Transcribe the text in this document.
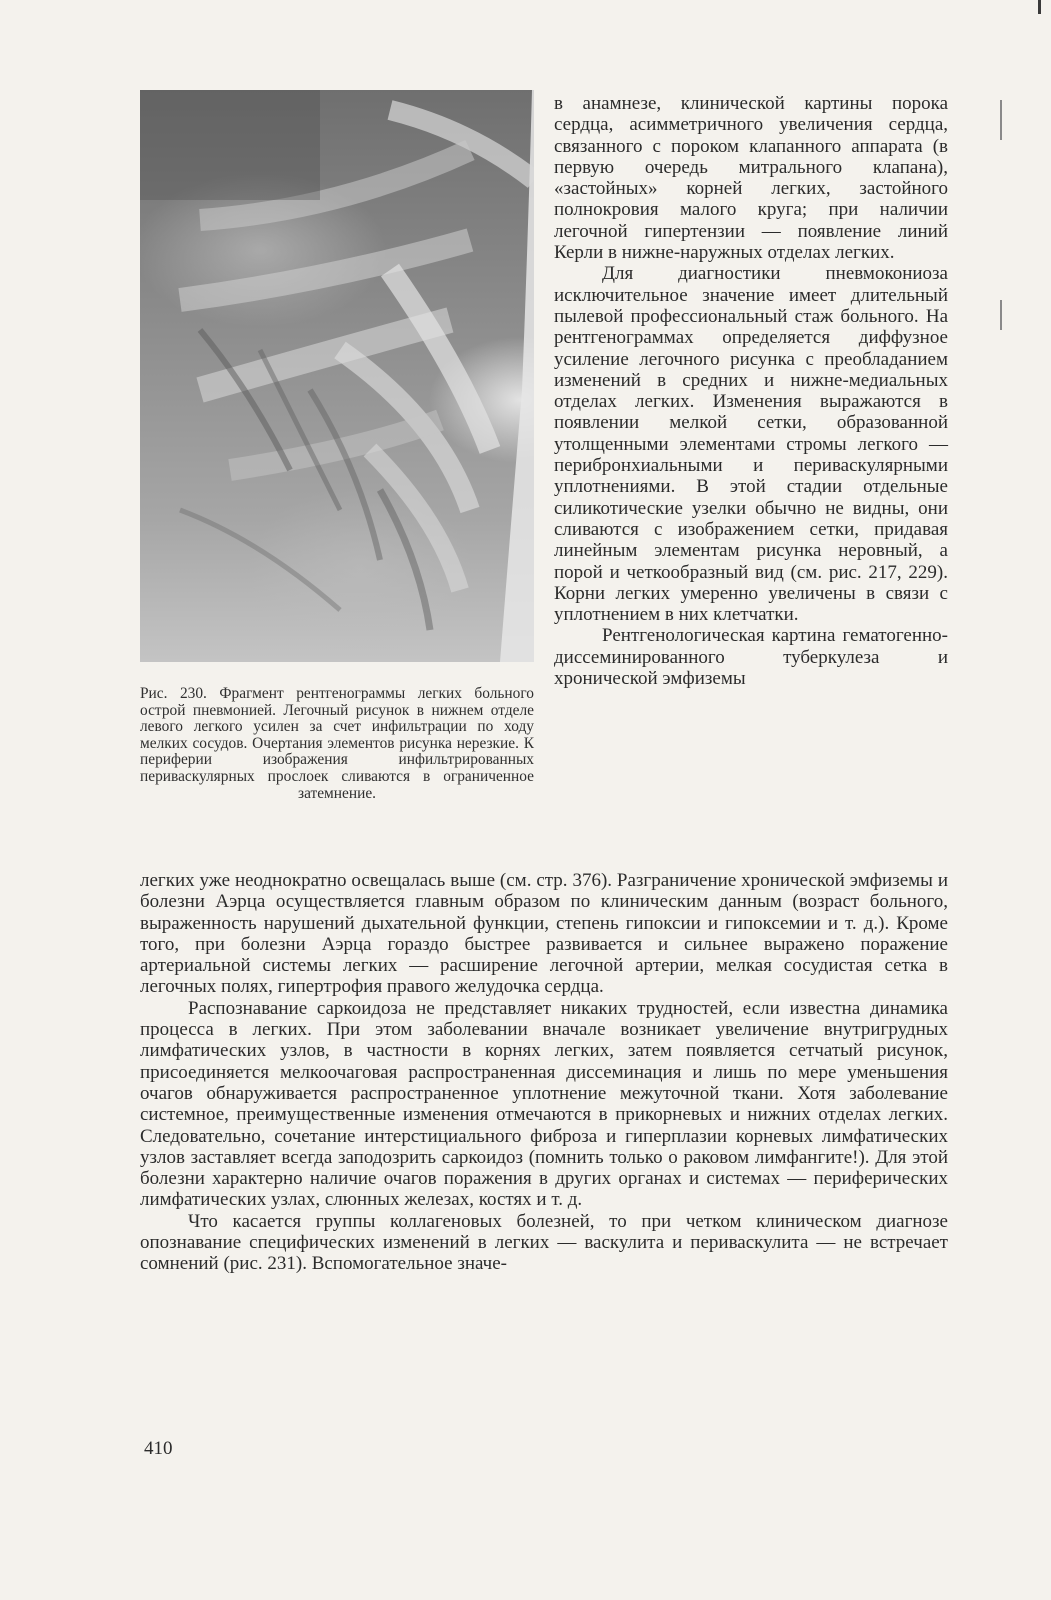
Рис. 230. Фрагмент рентгенограммы легких больного острой пневмонией. Легочный рисунок в нижнем отделе левого легкого усилен за счет инфильтрации по ходу мелких сосудов. Очертания элементов рисунка нерезкие. К периферии изображения инфильтрированных периваскулярных прослоек сливаются в ограниченное затемнение.

в анамнезе, клинической картины порока сердца, асимметричного увеличения сердца, связанного с пороком клапанного аппарата (в первую очередь митрального клапана), «застойных» корней легких, застойного полнокровия малого круга; при наличии легочной гипертензии — появление линий Керли в нижне-наружных отделах легких.

Для диагностики пневмокониоза исключительное значение имеет длительный пылевой профессиональный стаж больного. На рентгенограммах определяется диффузное усиление легочного рисунка с преобладанием изменений в средних и нижне-медиальных отделах легких. Изменения выражаются в появлении мелкой сетки, образованной утолщенными элементами стромы легкого — перибронхиальными и периваскулярными уплотнениями. В этой стадии отдельные силикотические узелки обычно не видны, они сливаются с изображением сетки, придавая линейным элементам рисунка неровный, а порой и четкообразный вид (см. рис. 217, 229). Корни легких умеренно увеличены в связи с уплотнением в них клетчатки.

Рентгенологическая картина гематогенно-диссеминированного туберкулеза и хронической эмфиземы

легких уже неоднократно освещалась выше (см. стр. 376). Разграничение хронической эмфиземы и болезни Аэрца осуществляется главным образом по клиническим данным (возраст больного, выраженность нарушений дыхательной функции, степень гипоксии и гипоксемии и т. д.). Кроме того, при болезни Аэрца гораздо быстрее развивается и сильнее выражено поражение артериальной системы легких — расширение легочной артерии, мелкая сосудистая сетка в легочных полях, гипертрофия правого желудочка сердца.

Распознавание саркоидоза не представляет никаких трудностей, если известна динамика процесса в легких. При этом заболевании вначале возникает увеличение внутригрудных лимфатических узлов, в частности в корнях легких, затем появляется сетчатый рисунок, присоединяется мелкоочаговая распространенная диссеминация и лишь по мере уменьшения очагов обнаруживается распространенное уплотнение межуточной ткани. Хотя заболевание системное, преимущественные изменения отмечаются в прикорневых и нижних отделах легких. Следовательно, сочетание интерстициального фиброза и гиперплазии корневых лимфатических узлов заставляет всегда заподозрить саркоидоз (помнить только о раковом лимфангите!). Для этой болезни характерно наличие очагов поражения в других органах и системах — периферических лимфатических узлах, слюнных железах, костях и т. д.

Что касается группы коллагеновых болезней, то при четком клиническом диагнозе опознавание специфических изменений в легких — васкулита и периваскулита — не встречает сомнений (рис. 231). Вспомогательное значе-

410
